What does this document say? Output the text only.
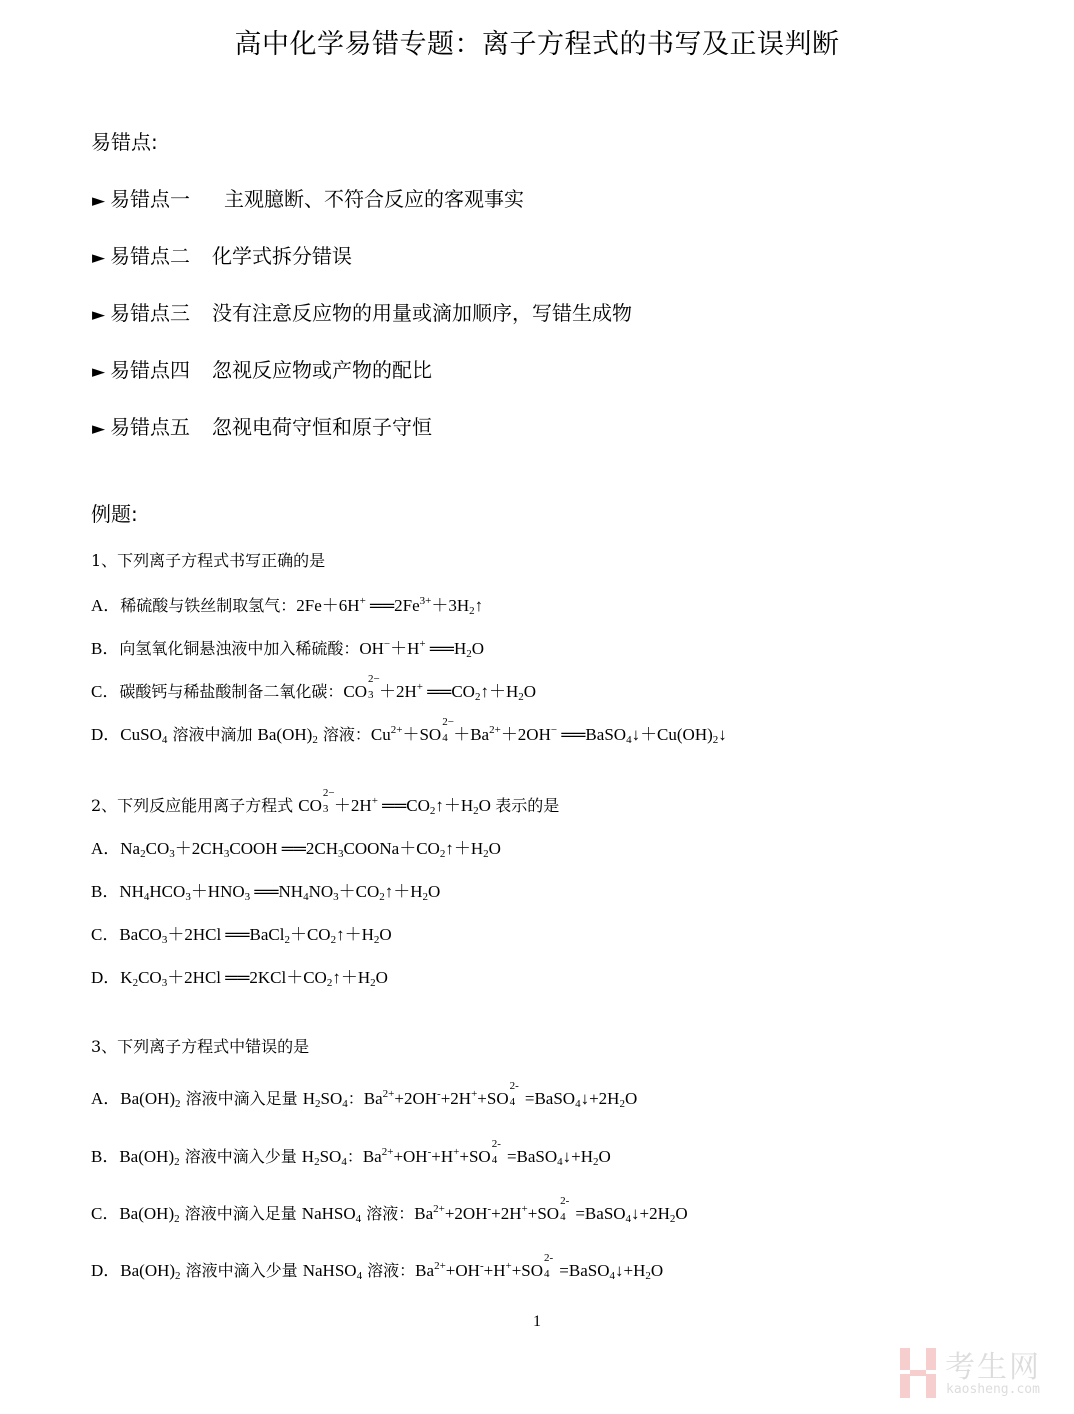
高中化学易错专题：离子方程式的书写及正误判断
易错点:
► 易错点一 主观臆断、不符合反应的客观事实
► 易错点二 化学式拆分错误
► 易错点三 没有注意反应物的用量或滴加顺序，写错生成物
► 易错点四 忽视反应物或产物的配比
► 易错点五 忽视电荷守恒和原子守恒
例题:
1、下列离子方程式书写正确的是
A．稀硫酸与铁丝制取氢气：2Fe＋6H+ $══2Fe^{3+}+3H_2↑$
B．向氢氧化铜悬浊液中加入稀硫酸：OH−＋H+ $══H_2O$
C．碳酸钙与稀盐酸制备二氧化碳：CO
2−
3 ＋2H+ $══CO_2↑+H_2O$
D．CuSO$_4$ 溶液中滴加 $Ba(OH)_2$ 溶液：$Cu^{2+}+SO$
2−
$4 +Ba^{2+}+2OH^-$ $══BaSO_4↓+Cu(OH)_2↓$
2、下列反应能用离子方程式 CO
2−
3 ＋2H+ $══CO_2↑+H_2O$ 表示的是
A．$Na_2CO_3+2CH_3COOH$ $══2CH_3COONa+CO_2↑+H_2O$
B．$NH_4HCO_3+HNO_3$ $══NH_4NO_3+CO_2↑+H_2O$
C．BaCO$_3$＋2HCl $══BaCl_2+CO_2↑+H_2O$
D．$K_2CO_3+2HCl$ $══2KCl+CO_2↑+H_2O$
3、下列离子方程式中错误的是
A．$Ba(OH)_2$ 溶液中滴入足量 $H_2SO_4$：$Ba^{2+}+2OH^-+2H^++SO$
2-
$4 =BaSO_4↓+2H_2O$
B．$Ba(OH)_2$ 溶液中滴入少量 $H_2SO_4$：$Ba^{2+}+OH^-+H^++SO$
2-
$4 =BaSO_4↓+H_2O$
C．$Ba(OH)_2$ 溶液中滴入足量 NaHSO$_4$ 溶液：$Ba^{2+}+2OH^-+2H^++SO$
2-
$4 =BaSO_4↓+2H_2O$
D．$Ba(OH)_2$ 溶液中滴入少量 NaHSO$_4$ 溶液：$Ba^{2+}+OH^-+H^++SO$
2-
$4 =BaSO_4↓+H_2O$
1
考生网
kaosheng.com
